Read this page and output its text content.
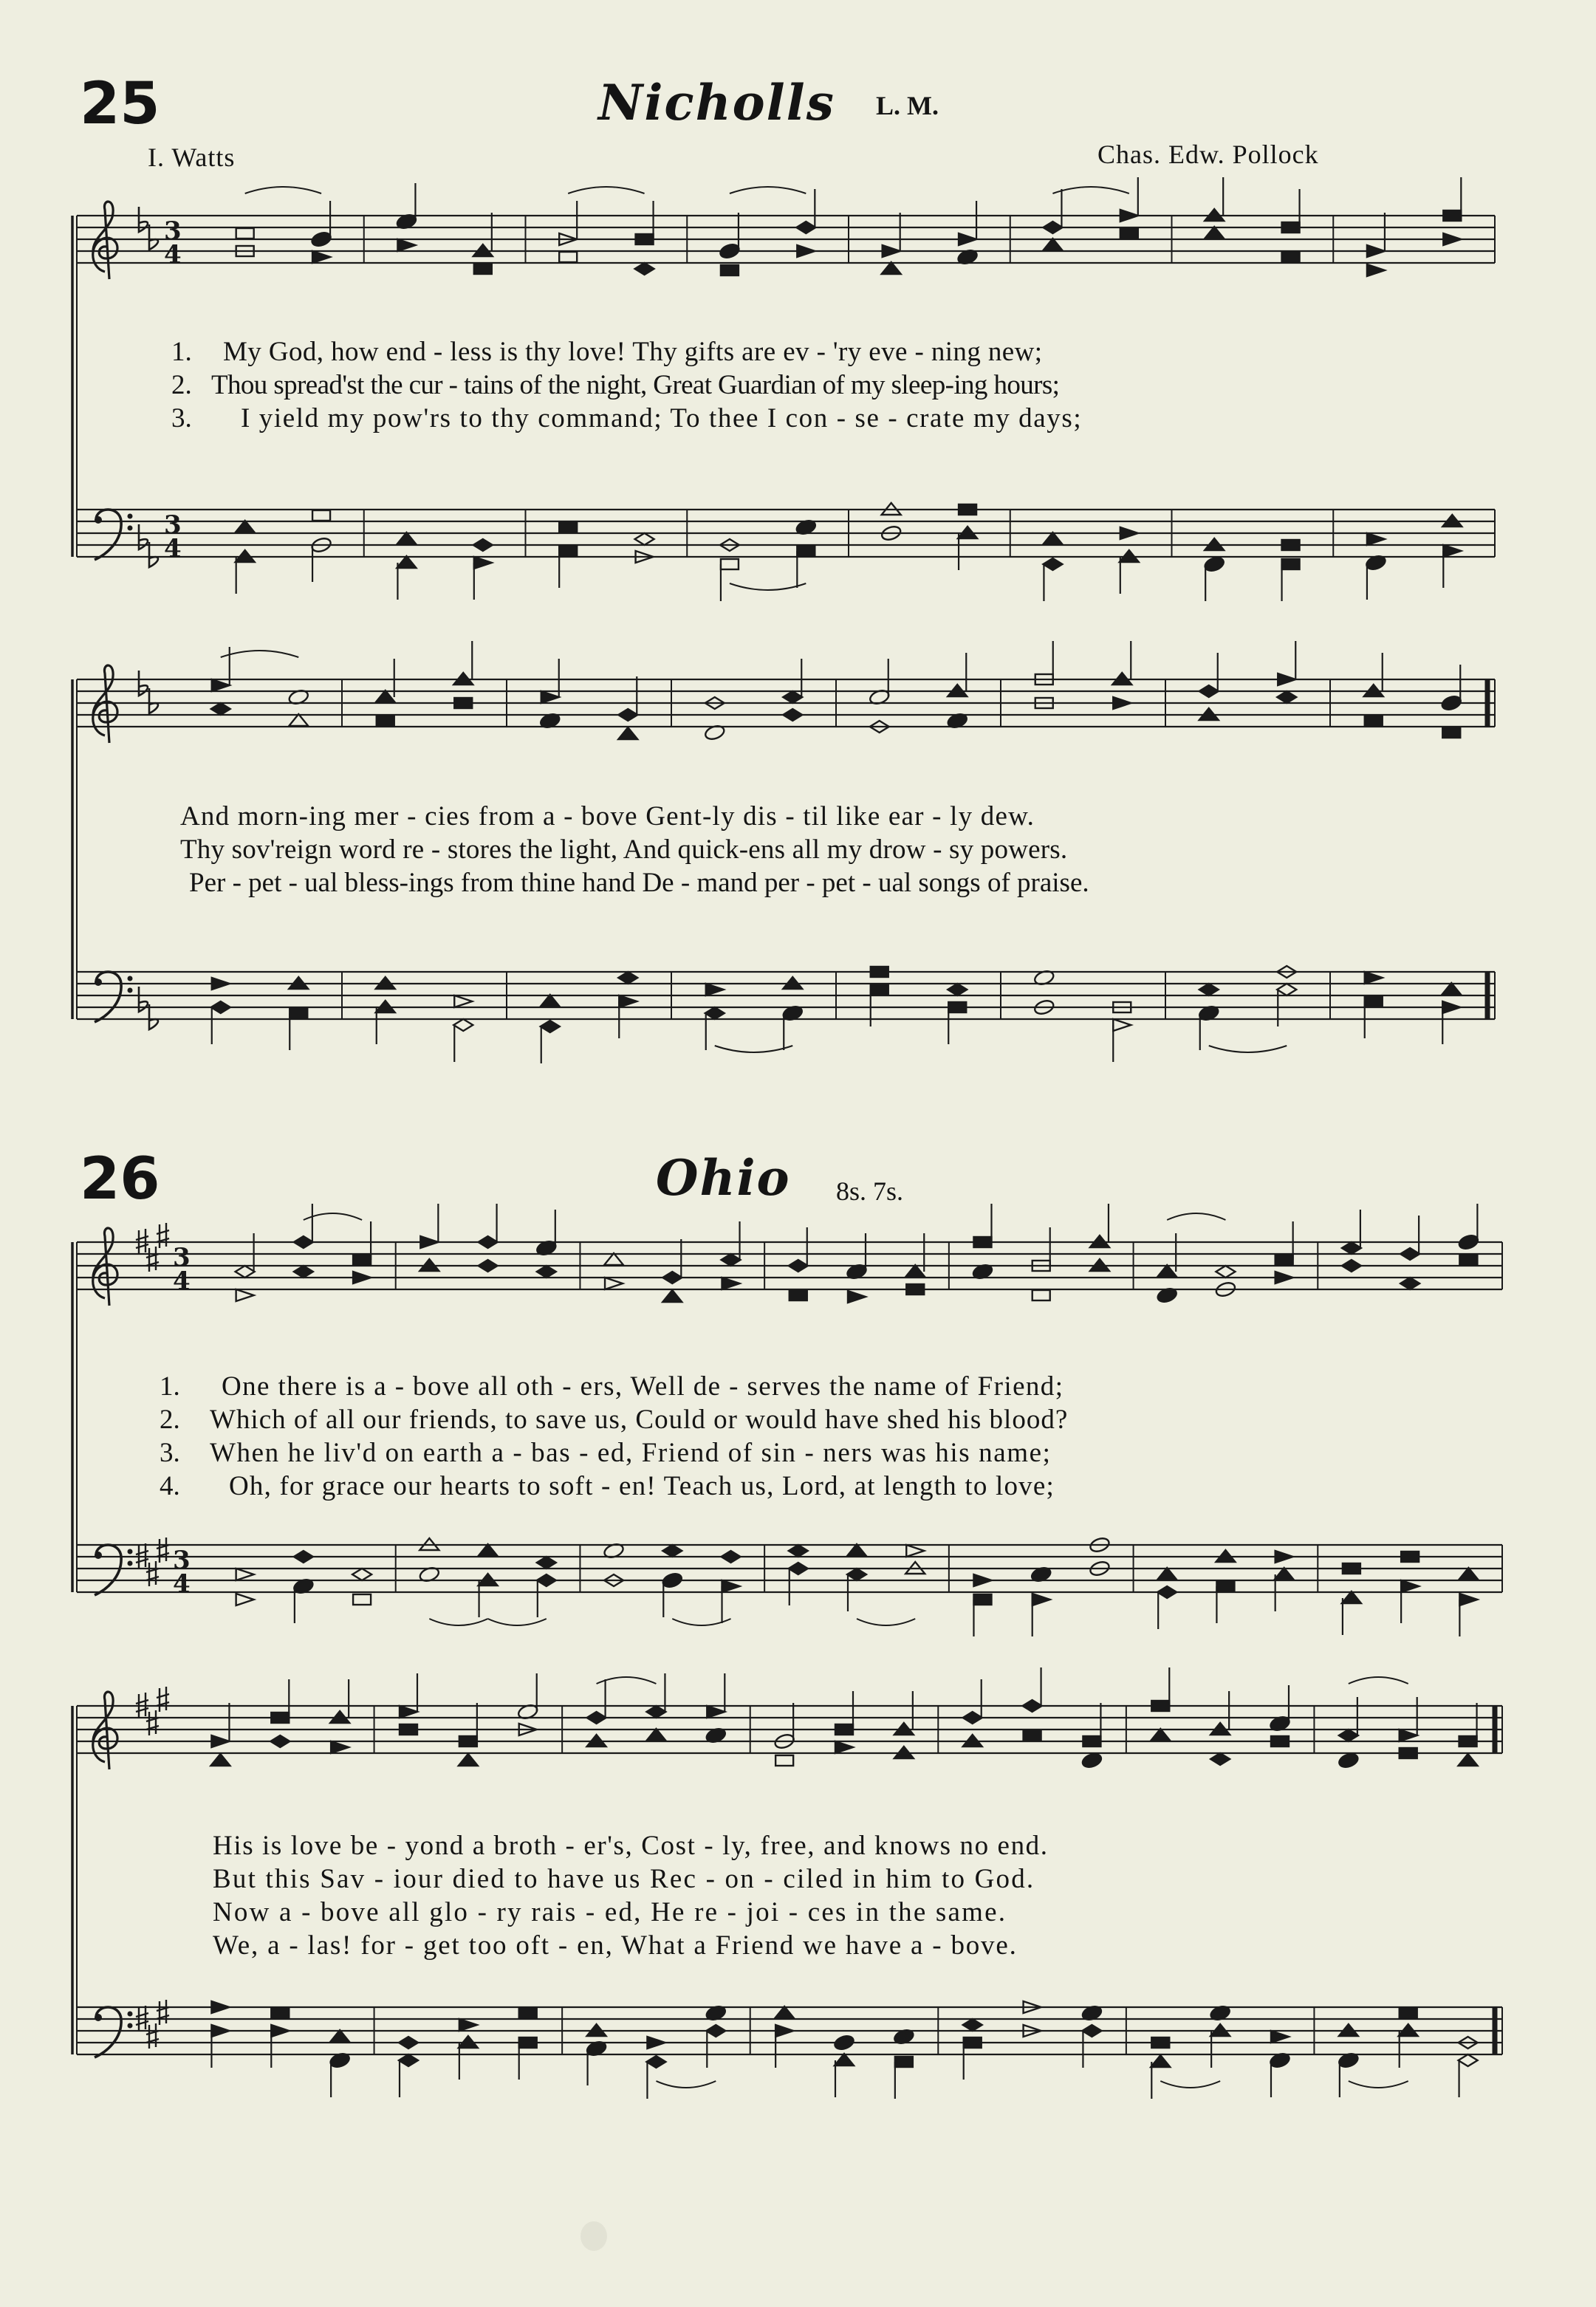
25	Nicholls L. M.
I. Watts	Chas. Edw. Pollock
1. My God, how end - less is thy love! Thy gifts are ev - 'ry eve - ning new;
2. Thou spread'st the cur - tains of the night, Great Guardian of my sleep-ing hours;
3. I yield my pow'rs to thy command; To thee I con - se - crate my days;
And morn-ing mer - cies from a - bove Gent-ly dis - til like ear - ly dew.
Thy sov'reign word re - stores the light, And quick-ens all my drow - sy powers.
Per - pet - ual bless-ings from thine hand De - mand per - pet - ual songs of praise.
26	Ohio 8s. 7s.
1. One there is a - bove all oth - ers, Well de - serves the name of Friend;
2. Which of all our friends, to save us, Could or would have shed his blood?
3. When he liv'd on earth a - bas - ed, Friend of sin - ners was his name;
4. Oh, for grace our hearts to soft - en! Teach us, Lord, at length to love;
His is love be - yond a broth - er's, Cost - ly, free, and knows no end.
But this Sav - iour died to have us Rec - on - ciled in him to God.
Now a - bove all glo - ry rais - ed, He re - joi - ces in the same.
We, a - las! for - get too oft - en, What a Friend we have a - bove.
3
4
3
4
3
4
3
4
